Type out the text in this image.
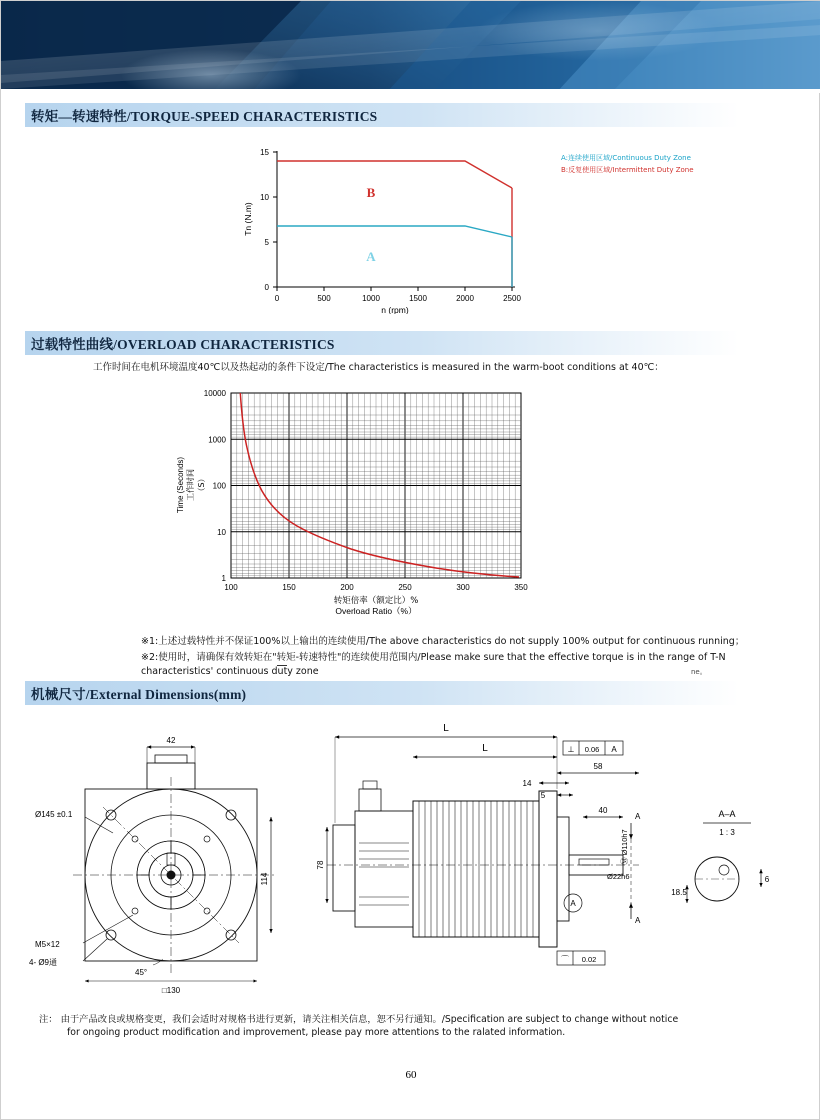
转矩—转速特性/TORQUE-SPEED CHARACTERISTICS
0
5
10
15
0	500	1000	1500	2000	2500
Tn (N.m)
n (rpm)
B
A
A:连续使用区域/Continuous Duty Zone
B:反复使用区域/Intermittent Duty Zone
过载特性曲线/OVERLOAD CHARACTERISTICS
工作时间在电机环境温度40℃以及热起动的条件下设定/The characteristics is measured in the warm-boot conditions at 40℃：
10000
1000
100
10
1
100	150	200	250	300	350
工作时间 （S）
Time (Seconds)
转矩倍率（额定比）%
Overload Ratio（%）
※1:上述过载特性并不保证100%以上输出的连续使用/The above characteristics do not supply 100% output for continuous running；
※2:使用时，请确保有效转矩在"转矩-转速特性"的连续使用范围内/Please make sure that the effective torque is in the range of T-N characteristics' continuous duty zone	ne。
机械尺寸/External Dimensions(mm)
42
114
Ø145 ±0.1
M5×12
4- Ø9通
45°
□130
78
L
L	⊥ 0.06 A
58
14
5
40
A
A
Ø22h6
Ⓜ Ø110h7
A
⌒ 0.02
A–A
1 : 3
18.5
6
注： 由于产品改良或规格变更，我们会适时对规格书进行更新，请关注相关信息，恕不另行通知。/Specification are subject to change without notice
for ongoing product modification and improvement, please pay more attentions to the ralated information.
60
